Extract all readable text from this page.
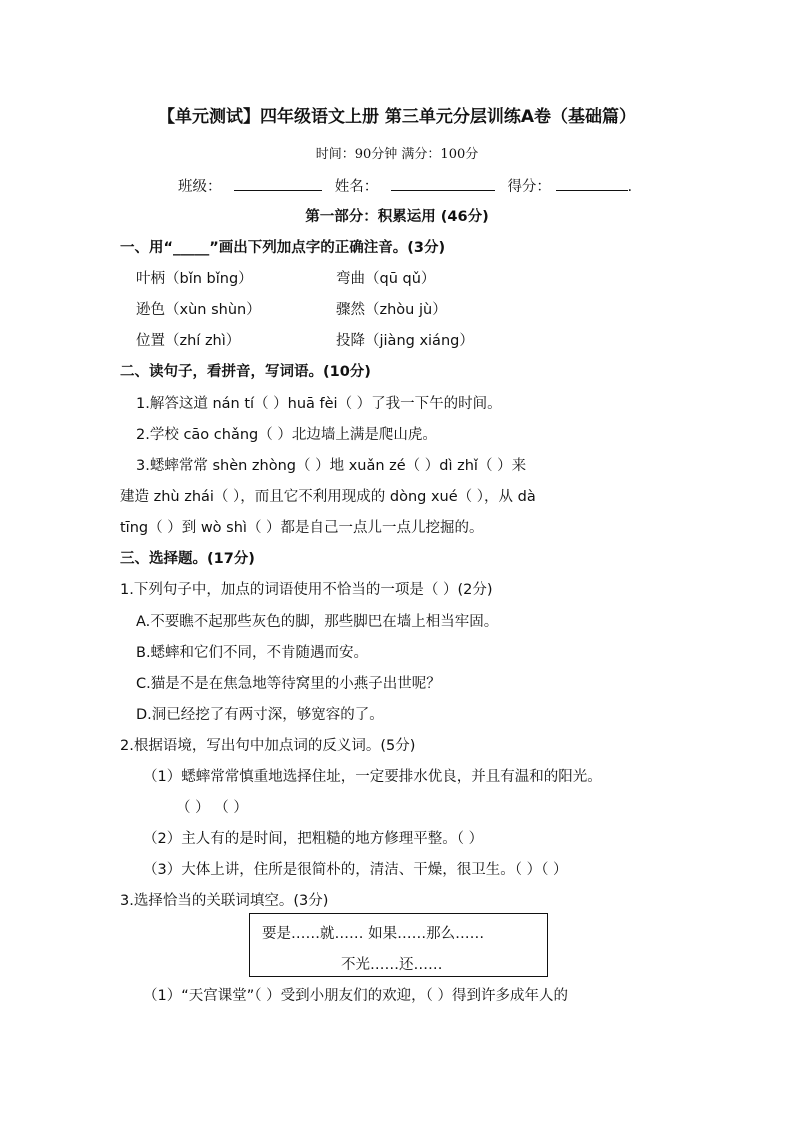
【单元测试】四年级语文上册 第三单元分层训练A卷（基础篇）
时间：90分钟 满分：100分
班级：	姓名：	得分：	.
第一部分：积累运用 (46分)
一、用“_____”画出下列加点字的正确注音。(3分)
叶柄（bǐn bǐng）	弯曲（qū qǔ）
逊色（xùn shùn）	骤然（zhòu jù）
位置（zhí zhì）	投降（jiàng xiáng）
二、读句子，看拼音，写词语。(10分)
1.解答这道 nán tí（ ）huā fèi（ ）了我一下午的时间。
2.学校 cāo chǎng（ ）北边墙上满是爬山虎。
3.蟋蟀常常 shèn zhòng（ ）地 xuǎn zé（ ）dì zhǐ（ ）来
建造 zhù zhái（ ），而且它不利用现成的 dòng xué（ ），从 dà
tīng（ ）到 wò shì（ ）都是自己一点儿一点儿挖掘的。
三、选择题。(17分)
1.下列句子中，加点的词语使用不恰当的一项是（ ）(2分)
A.不要瞧不起那些灰色的脚，那些脚巴在墙上相当牢固。
B.蟋蟀和它们不同，不肯随遇而安。
C.猫是不是在焦急地等待窝里的小燕子出世呢？
D.洞已经挖了有两寸深，够宽容的了。
2.根据语境，写出句中加点词的反义词。(5分)
（1）蟋蟀常常慎重地选择住址，一定要排水优良，并且有温和的阳光。
（ ） （ ）
（2）主人有的是时间，把粗糙的地方修理平整。（ ）
（3）大体上讲，住所是很简朴的，清洁、干燥，很卫生。（ ）（ ）
3.选择恰当的关联词填空。(3分)
要是……就…… 如果……那么……
不光……还……
（1）“天宫课堂”（ ）受到小朋友们的欢迎，（ ）得到许多成年人的
